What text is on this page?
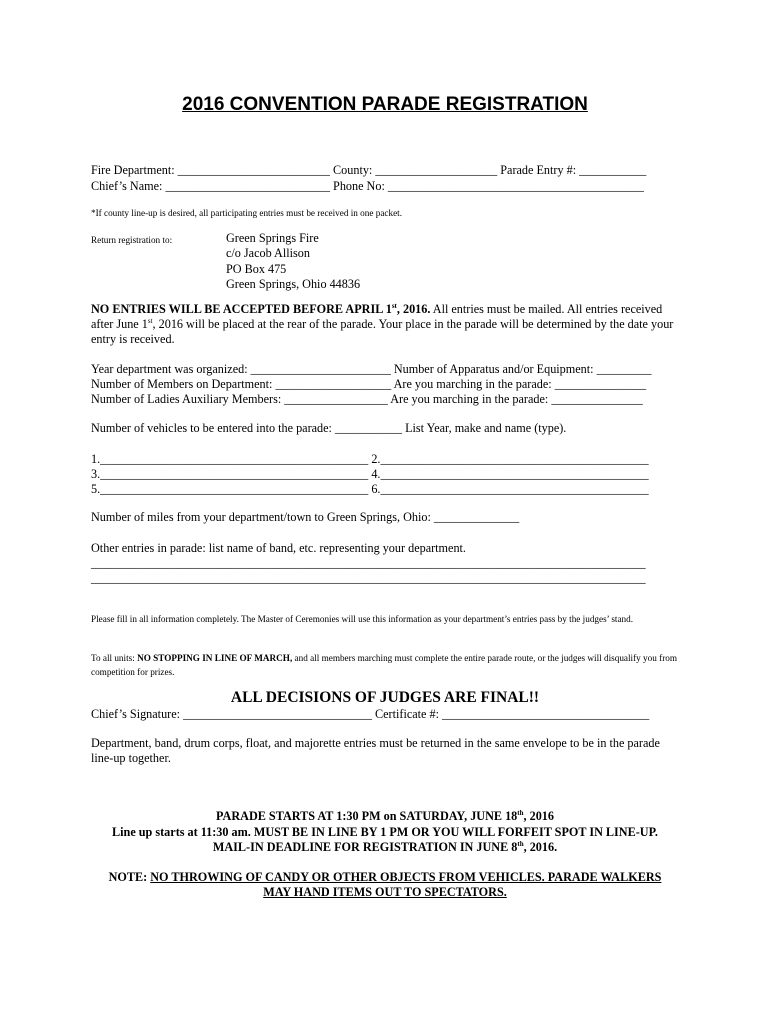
2016 CONVENTION PARADE REGISTRATION
Fire Department: _________________________ County: ____________________ Parade Entry #: ___________
Chief’s Name: ___________________________ Phone No: __________________________________________
*If county line-up is desired, all participating entries must be received in one packet.
Return registration to:	Green Springs Fire
c/o Jacob Allison
PO Box 475
Green Springs, Ohio 44836
NO ENTRIES WILL BE ACCEPTED BEFORE APRIL 1st, 2016. All entries must be mailed. All entries received after June 1st, 2016 will be placed at the rear of the parade. Your place in the parade will be determined by the date your entry is received.
Year department was organized: _______________________ Number of Apparatus and/or Equipment: _________
Number of Members on Department: ___________________ Are you marching in the parade: _______________
Number of Ladies Auxiliary Members: _________________ Are you marching in the parade: _______________
Number of vehicles to be entered into the parade: ___________ List Year, make and name (type).
1.____________________________________________ 2.____________________________________________
3.____________________________________________ 4.____________________________________________
5.____________________________________________ 6.____________________________________________
Number of miles from your department/town to Green Springs, Ohio: ______________
Other entries in parade: list name of band, etc. representing your department.
___________________________________________________________________________________________
___________________________________________________________________________________________
Please fill in all information completely. The Master of Ceremonies will use this information as your department’s entries pass by the judges’ stand.
To all units: NO STOPPING IN LINE OF MARCH, and all members marching must complete the entire parade route, or the judges will disqualify you from competition for prizes.
ALL DECISIONS OF JUDGES ARE FINAL!!
Chief’s Signature: _______________________________ Certificate #: __________________________________
Department, band, drum corps, float, and majorette entries must be returned in the same envelope to be in the parade line-up together.
PARADE STARTS AT 1:30 PM on SATURDAY, JUNE 18th, 2016
Line up starts at 11:30 am. MUST BE IN LINE BY 1 PM OR YOU WILL FORFEIT SPOT IN LINE-UP.
MAIL-IN DEADLINE FOR REGISTRATION IN JUNE 8th, 2016.
NOTE: NO THROWING OF CANDY OR OTHER OBJECTS FROM VEHICLES. PARADE WALKERS
MAY HAND ITEMS OUT TO SPECTATORS.
